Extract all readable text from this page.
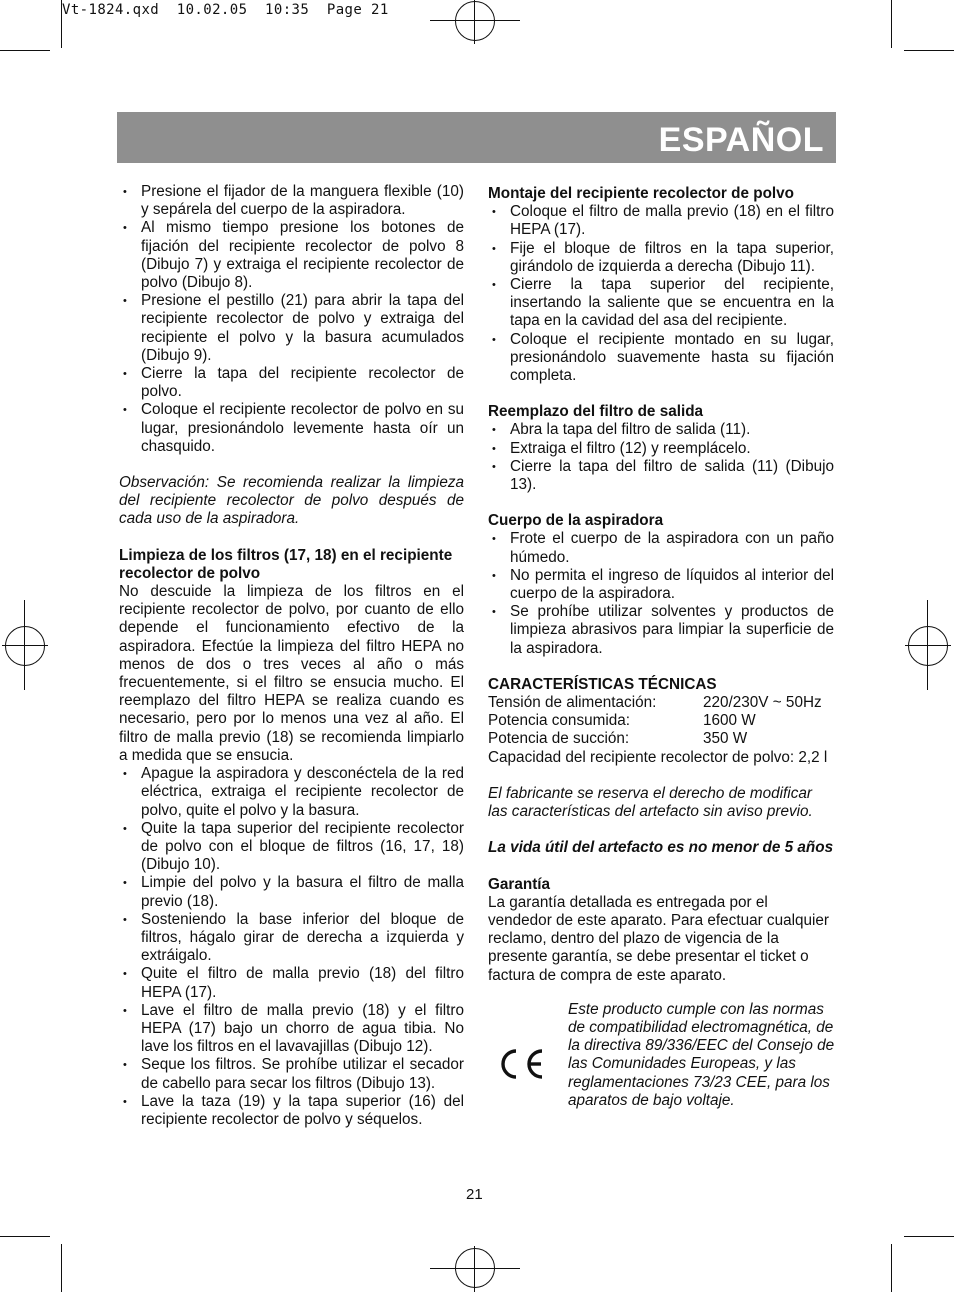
Vt-1824.qxd  10.02.05  10:35  Page 21
ESPAÑOL
• Presione el fijador de la manguera flexible (10) y sepárela del cuerpo de la aspiradora.
• Al mismo tiempo presione los botones de fijación del recipiente recolector de polvo 8 (Dibujo 7) y extraiga el recipiente recolector de polvo (Dibujo 8).
• Presione el pestillo (21) para abrir la tapa del recipiente recolector de polvo y extraiga del recipiente el polvo y la basura acumulados (Dibujo 9).
• Cierre la tapa del recipiente recolector de polvo.
• Coloque el recipiente recolector de polvo en su lugar, presionándolo levemente hasta oír un chasquido.

Observación: Se recomienda realizar la limpieza del recipiente recolector de polvo después de cada uso de la aspiradora.

Limpieza de los filtros (17, 18) en el recipiente recolector de polvo

No descuide la limpieza de los filtros en el recipiente recolector de polvo, por cuanto de ello depende el funcionamiento efectivo de la aspiradora. Efectúe la limpieza del filtro HEPA no menos de dos o tres veces al año o más frecuentemente, si el filtro se ensucia mucho. El reemplazo del filtro HEPA se realiza cuando es necesario, pero por lo menos una vez al año. El filtro de malla previo (18) se recomienda limpiarlo a medida que se ensucia.

• Apague la aspiradora y desconéctela de la red eléctrica, extraiga el recipiente recolector de polvo, quite el polvo y la basura.
• Quite la tapa superior del recipiente recolector de polvo con el bloque de filtros (16, 17, 18) (Dibujo 10).
• Limpie del polvo y la basura el filtro de malla previo (18).
• Sosteniendo la base inferior del bloque de filtros, hágalo girar de derecha a izquierda y extráigalo.
• Quite el filtro de malla previo (18) del filtro HEPA (17).
• Lave el filtro de malla previo (18) y el filtro HEPA (17) bajo un chorro de agua tibia. No lave los filtros en el lavavajillas (Dibujo 12).
• Seque los filtros. Se prohíbe utilizar el secador de cabello para secar los filtros (Dibujo 13).
• Lave la taza (19) y la tapa superior (16) del recipiente recolector de polvo y séquelos.

Montaje del recipiente recolector de polvo

• Coloque el filtro de malla previo (18) en el filtro HEPA (17).
• Fije el bloque de filtros en la tapa superior, girándolo de izquierda a derecha (Dibujo 11).
• Cierre la tapa superior del recipiente, insertando la saliente que se encuentra en la tapa en la cavidad del asa del recipiente.
• Coloque el recipiente montado en su lugar, presionándolo suavemente hasta su fijación completa.

Reemplazo del filtro de salida

• Abra la tapa del filtro de salida (11).
• Extraiga el filtro (12) y reemplácelo.
• Cierre la tapa del filtro de salida (11) (Dibujo 13).

Cuerpo de la aspiradora

• Frote el cuerpo de la aspiradora con un paño húmedo.
• No permita el ingreso de líquidos al interior del cuerpo de la aspiradora.
• Se prohíbe utilizar solventes y productos de limpieza abrasivos para limpiar la superficie de la aspiradora.

CARACTERÍSTICAS TÉCNICAS

Tensión de alimentación:	220/230V ~ 50Hz
Potencia consumida:	1600 W
Potencia de succión:	350 W

Capacidad del recipiente recolector de polvo: 2,2 l

El fabricante se reserva el derecho de modificar las características del artefacto sin aviso previo.

La vida útil del artefacto es no menor de 5 años

Garantía

La garantía detallada es entregada por el vendedor de este aparato. Para efectuar cualquier reclamo, dentro del plazo de vigencia de la presente garantía, se debe presentar el ticket o factura de compra de este aparato.

Este producto cumple con las normas de compatibilidad electromagnética, de la directiva 89/336/EEC del Consejo de las Comunidades Europeas, y las reglamentaciones 73/23 CEE, para los aparatos de bajo voltaje.

21
